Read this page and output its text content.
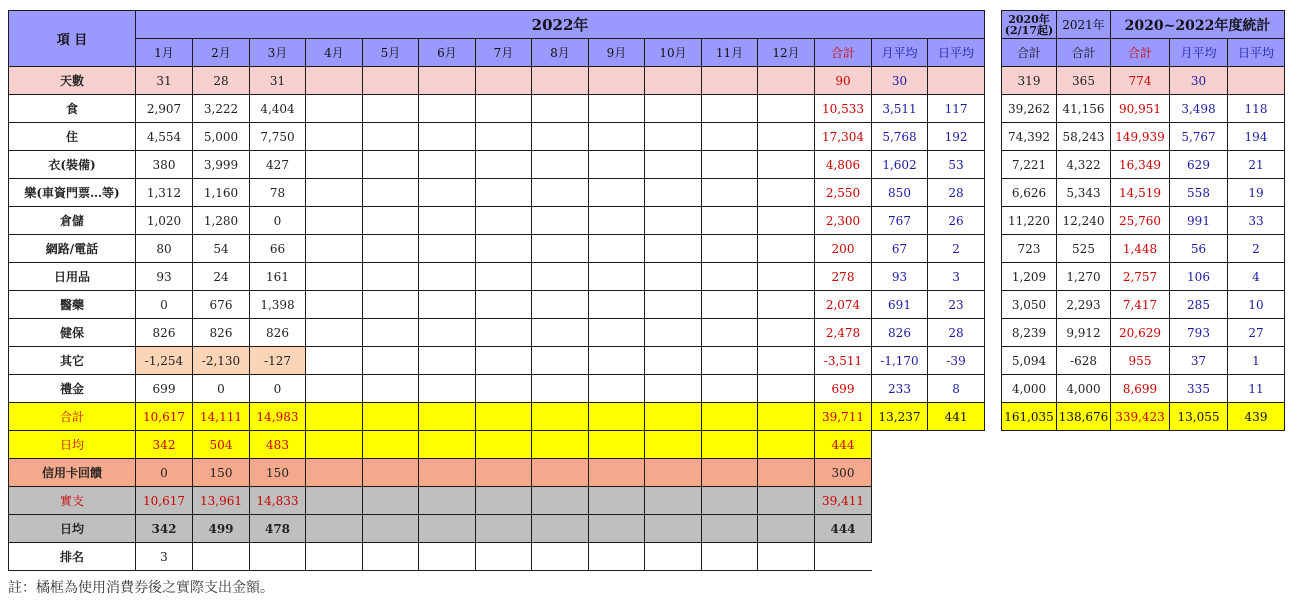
項 目	2022年														
	1月	2月	3月	4月	5月	6月	7月	8月	9月	10月	11月	12月	合計	月平均	日平均
天數	31	28	31										90	30	
食	2,907	3,222	4,404										10,533	3,511	117
住	4,554	5,000	7,750										17,304	5,768	192
衣(裝備)	380	3,999	427										4,806	1,602	53
樂(車資門票…等)	1,312	1,160	78										2,550	850	28
倉儲	1,020	1,280	0										2,300	767	26
網路/電話	80	54	66										200	67	2
日用品	93	24	161										278	93	3
醫藥	0	676	1,398										2,074	691	23
健保	826	826	826										2,478	826	28
其它	-1,254	-2,130	-127										-3,511	-1,170	-39
禮金	699	0	0										699	233	8
合計	10,617	14,111	14,983										39,711	13,237	441
日均	342	504	483										444		
信用卡回饋	0	150	150										300		
實支	10,617	13,961	14,833										39,411		
日均	342	499	478										444		
排名	3														
2020年
(2/17起)	2021年	2020~2022年度統計		
合計	合計	合計	月平均	日平均
319	365	774	30	
39,262	41,156	90,951	3,498	118
74,392	58,243	149,939	5,767	194
7,221	4,322	16,349	629	21
6,626	5,343	14,519	558	19
11,220	12,240	25,760	991	33
723	525	1,448	56	2
1,209	1,270	2,757	106	4
3,050	2,293	7,417	285	10
8,239	9,912	20,629	793	27
5,094	-628	955	37	1
4,000	4,000	8,699	335	11
161,035	138,676	339,423	13,055	439
註：橘框為使用消費券後之實際支出金額。
